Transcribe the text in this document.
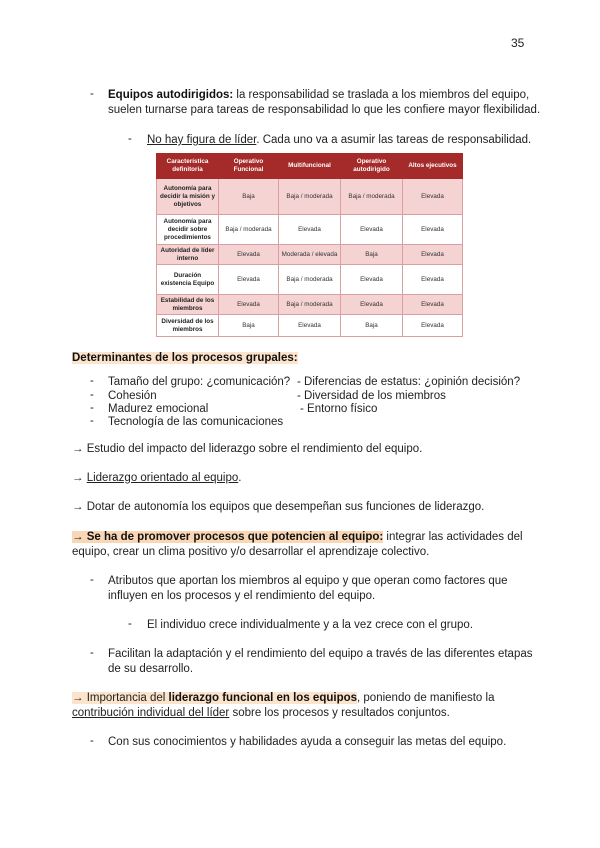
35
- Equipos autodirigidos: la responsabilidad se traslada a los miembros del equipo,
suelen turnarse para tareas de responsabilidad lo que les confiere mayor flexibilidad.
- No hay figura de líder. Cada uno va a asumir las tareas de responsabilidad.
Característica definitoria	Operativo Funcional	Multifuncional	Operativo autodirigido	Altos ejecutivos
Autonomía para decidir la misión y objetivos	Baja	Baja / moderada	Baja / moderada	Elevada
Autonomía para decidir sobre procedimientos	Baja / moderada	Elevada	Elevada	Elevada
Autoridad de líder interno	Elevada	Moderada / elevada	Baja	Elevada
Duración existencia Equipo	Elevada	Baja / moderada	Elevada	Elevada
Estabilidad de los miembros	Elevada	Baja / moderada	Elevada	Elevada
Diversidad de los miembros	Baja	Elevada	Baja	Elevada
Determinantes de los procesos grupales:
- Tamaño del grupo: ¿comunicación?
- Cohesión
- Madurez emocional
- Tecnología de las comunicaciones
- Diferencias de estatus: ¿opinión decisión?
- Diversidad de los miembros
- Entorno físico
→ Estudio del impacto del liderazgo sobre el rendimiento del equipo.
→ Liderazgo orientado al equipo.
→ Dotar de autonomía los equipos que desempeñan sus funciones de liderazgo.
→ Se ha de promover procesos que potencien al equipo: integrar las actividades del
equipo, crear un clima positivo y/o desarrollar el aprendizaje colectivo.
- Atributos que aportan los miembros al equipo y que operan como factores que
influyen en los procesos y el rendimiento del equipo.
- El individuo crece individualmente y a la vez crece con el grupo.
- Facilitan la adaptación y el rendimiento del equipo a través de las diferentes etapas
de su desarrollo.
→ Importancia del liderazgo funcional en los equipos, poniendo de manifiesto la
contribución individual del líder sobre los procesos y resultados conjuntos.
- Con sus conocimientos y habilidades ayuda a conseguir las metas del equipo.
